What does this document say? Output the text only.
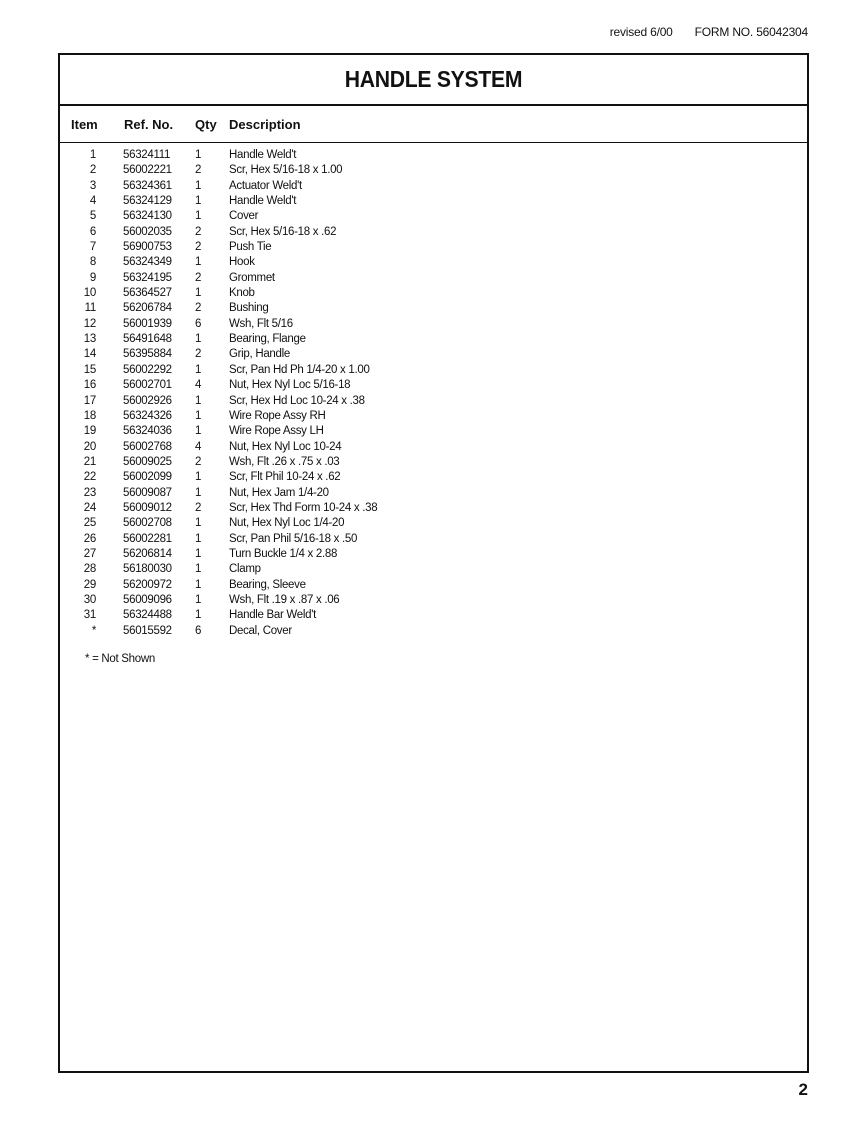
revised 6/00 FORM NO. 56042304
HANDLE SYSTEM
Item Ref. No. Qty Description
1 56324111	1	Handle Weld't
2 56002221	2	Scr, Hex 5/16-18 x 1.00
3 56324361	1	Actuator Weld't
4 56324129	1	Handle Weld't
5 56324130	1	Cover
6 56002035	2	Scr, Hex 5/16-18 x .62
7 56900753	2	Push Tie
8 56324349	1	Hook
9 56324195	2	Grommet
10 56364527	1	Knob
11 56206784	2	Bushing
12 56001939	6	Wsh, Flt 5/16
13 56491648	1	Bearing, Flange
14 56395884	2	Grip, Handle
15 56002292	1	Scr, Pan Hd Ph 1/4-20 x 1.00
16 56002701	4	Nut, Hex Nyl Loc 5/16-18
17 56002926	1	Scr, Hex Hd Loc 10-24 x .38
18 56324326	1	Wire Rope Assy RH
19 56324036	1	Wire Rope Assy LH
20 56002768	4	Nut, Hex Nyl Loc 10-24
21 56009025	2	Wsh, Flt .26 x .75 x .03
22 56002099	1	Scr, Flt Phil 10-24 x .62
23 56009087	1	Nut, Hex Jam 1/4-20
24 56009012	2	Scr, Hex Thd Form 10-24 x .38
25 56002708	1	Nut, Hex Nyl Loc 1/4-20
26 56002281	1	Scr, Pan Phil 5/16-18 x .50
27 56206814	1	Turn Buckle 1/4 x 2.88
28 56180030	1	Clamp
29 56200972	1	Bearing, Sleeve
30 56009096	1	Wsh, Flt .19 x .87 x .06
31 56324488	1	Handle Bar Weld't
* 56015592	6	Decal, Cover
* = Not Shown
2
